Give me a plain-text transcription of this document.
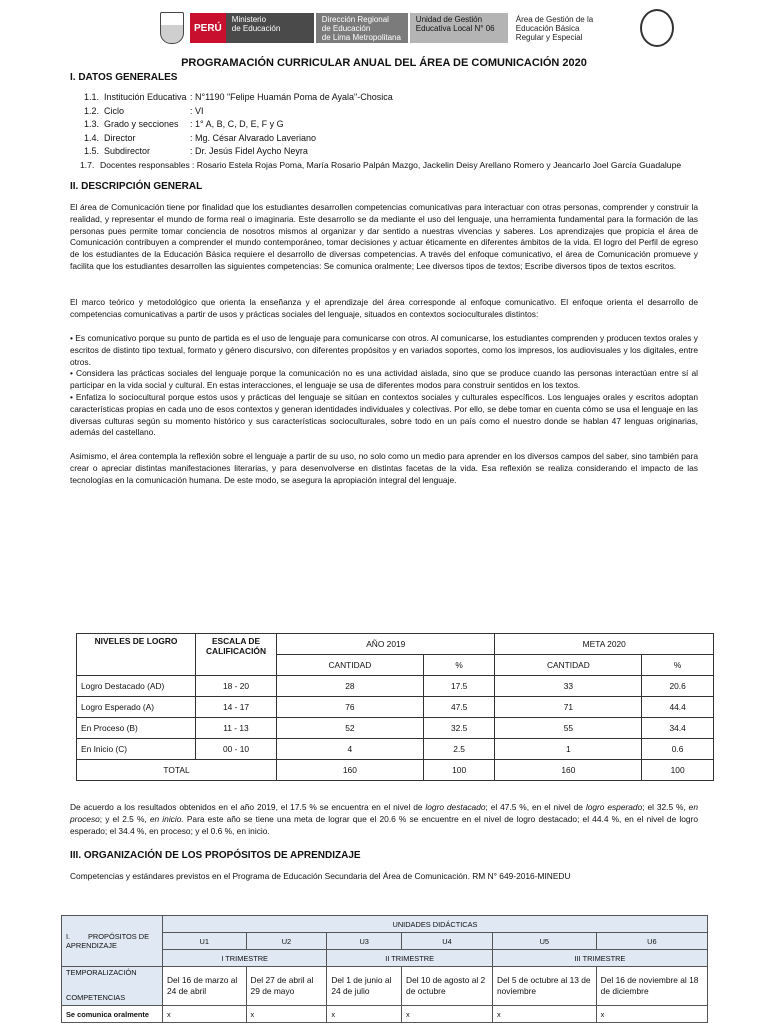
PERÚ
Ministerio
de Educación
Dirección Regional
de Educación
de Lima Metropolitana
Unidad de Gestión
Educativa Local N° 06
Área de Gestión de la
Educación Básica
Regular y Especial
PROGRAMACIÓN CURRICULAR ANUAL DEL ÁREA DE COMUNICACIÓN 2020
I. DATOS GENERALES
1.1. Institución Educativa : N°1190 "Felipe Huamán Poma de Ayala"-Chosica
1.2. Ciclo	: VI
1.3. Grado y secciones : 1° A, B, C, D, E, F y G
1.4. Director	: Mg. César Alvarado Laveriano
1.5. Subdirector	: Dr. Jesús Fidel Aycho Neyra
1.7. Docentes responsables : Rosario Estela Rojas Poma, María Rosario Palpán Mazgo, Jackelin Deisy Arellano Romero y Jeancarlo Joel García Guadalupe
II. DESCRIPCIÓN GENERAL
El área de Comunicación tiene por finalidad que los estudiantes desarrollen competencias comunicativas para interactuar con otras personas, comprender y construir la realidad, y representar el mundo de forma real o imaginaria. Este desarrollo se da mediante el uso del lenguaje, una herramienta fundamental para la formación de las personas pues permite tomar conciencia de nosotros mismos al organizar y dar sentido a nuestras vivencias y saberes. Los aprendizajes que propicia el área de Comunicación contribuyen a comprender el mundo contemporáneo, tomar decisiones y actuar éticamente en diferentes ámbitos de la vida. El logro del Perfil de egreso de los estudiantes de la Educación Básica requiere el desarrollo de diversas competencias. A través del enfoque comunicativo, el área de Comunicación promueve y facilita que los estudiantes desarrollen las siguientes competencias: Se comunica oralmente; Lee diversos tipos de textos; Escribe diversos tipos de textos escritos.
El marco teórico y metodológico que orienta la enseñanza y el aprendizaje del área corresponde al enfoque comunicativo. El enfoque orienta el desarrollo de competencias comunicativas a partir de usos y prácticas sociales del lenguaje, situados en contextos socioculturales distintos:
• Es comunicativo porque su punto de partida es el uso de lenguaje para comunicarse con otros. Al comunicarse, los estudiantes comprenden y producen textos orales y escritos de distinto tipo textual, formato y género discursivo, con diferentes propósitos y en variados soportes, como los impresos, los audiovisuales y los digitales, entre otros.
• Considera las prácticas sociales del lenguaje porque la comunicación no es una actividad aislada, sino que se produce cuando las personas interactúan entre sí al participar en la vida social y cultural. En estas interacciones, el lenguaje se usa de diferentes modos para construir sentidos en los textos.
• Enfatiza lo sociocultural porque estos usos y prácticas del lenguaje se sitúan en contextos sociales y culturales específicos. Los lenguajes orales y escritos adoptan características propias en cada uno de esos contextos y generan identidades individuales y colectivas. Por ello, se debe tomar en cuenta cómo se usa el lenguaje en las diversas culturas según su momento histórico y sus características socioculturales, sobre todo en un país como el nuestro donde se hablan 47 lenguas originarias, además del castellano.
Asimismo, el área contempla la reflexión sobre el lenguaje a partir de su uso, no solo como un medio para aprender en los diversos campos del saber, sino también para crear o apreciar distintas manifestaciones literarias, y para desenvolverse en distintas facetas de la vida. Esa reflexión se realiza considerando el impacto de las tecnologías en la comunicación humana. De este modo, se asegura la apropiación integral del lenguaje.
NIVELES DE LOGRO	ESCALA DE CALIFICACIÓN	AÑO 2019		META 2020	
		CANTIDAD	%	CANTIDAD	%
Logro Destacado (AD)	18 - 20	28	17.5	33	20.6
Logro Esperado (A)	14 - 17	76	47.5	71	44.4
En Proceso (B)	11 - 13	52	32.5	55	34.4
En Inicio (C)	00 - 10	4	2.5	1	0.6
TOTAL		160	100	160	100
De acuerdo a los resultados obtenidos en el año 2019, el 17.5 % se encuentra en el nivel de logro destacado; el 47.5 %, en el nivel de logro esperado; el 32.5 %, en proceso; y el 2.5 %, en inicio. Para este año se tiene una meta de lograr que el 20.6 % se encuentre en el nivel de logro destacado; el 44.4 %, en el nivel de logro esperado; el 34.4 %, en proceso; y el 0.6 %, en inicio.
III. ORGANIZACIÓN DE LOS PROPÓSITOS DE APRENDIZAJE
Competencias y estándares previstos en el Programa de Educación Secundaria del Área de Comunicación. RM N° 649-2016-MINEDU
I. PROPÓSITOS DE APRENDIZAJE	UNIDADES DIDÁCTICAS					
	U1	U2	U3	U4	U5	U6
	I TRIMESTRE		II TRIMESTRE		III TRIMESTRE	

TEMPORALIZACIÓN
COMPETENCIAS	Del 16 de marzo al 24 de abril	Del 27 de abril al 29 de mayo	Del 1 de junio al 24 de julio	Del 10 de agosto al 2 de octubre	Del 5 de octubre al 13 de noviembre	Del 16 de noviembre al 18 de diciembre
Se comunica oralmente	x	x	x	x	x	x
